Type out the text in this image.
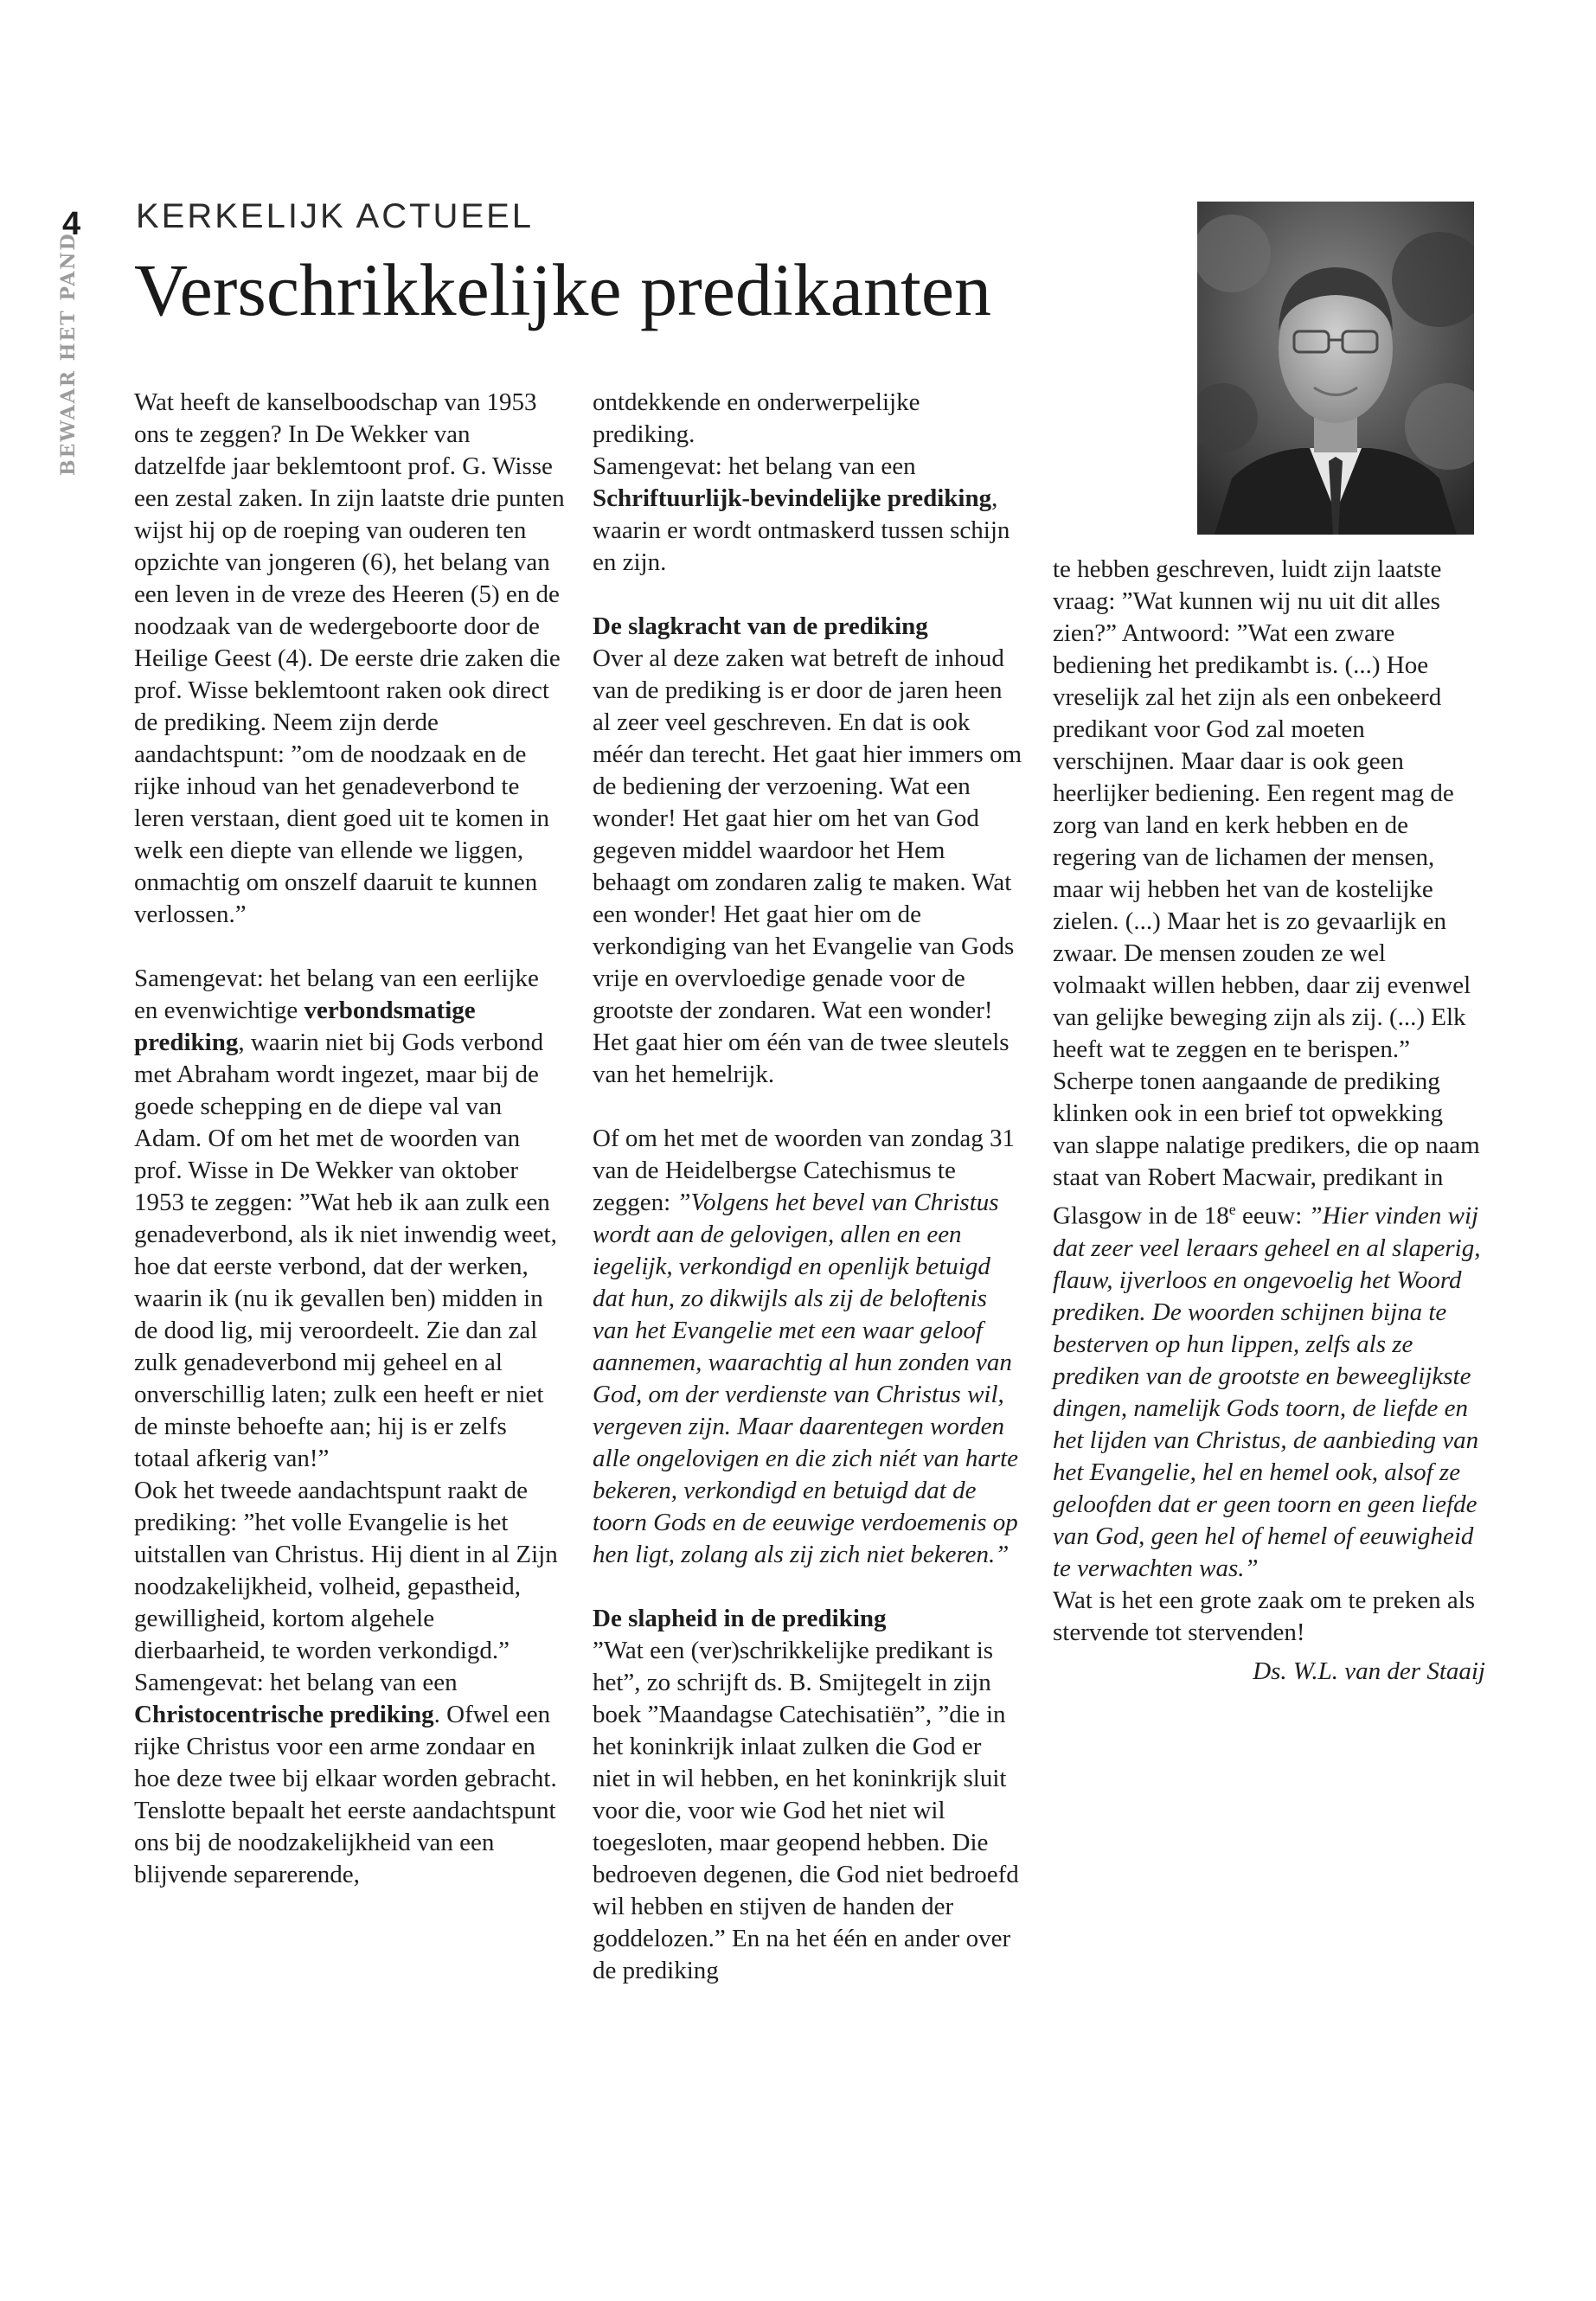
4
BEWAAR HET PAND
KERKELIJK ACTUEEL
Verschrikkelijke predikanten

Wat heeft de kanselboodschap van 1953 ons te zeggen? In De Wekker van datzelfde jaar beklemtoont prof. G. Wisse een zestal zaken. In zijn laatste drie punten wijst hij op de roeping van ouderen ten opzichte van jongeren (6), het belang van een leven in de vreze des Heeren (5) en de noodzaak van de wedergeboorte door de Heilige Geest (4). De eerste drie zaken die prof. Wisse beklemtoont raken ook direct de prediking. Neem zijn derde aandachtspunt: ”om de noodzaak en de rijke inhoud van het genadeverbond te leren verstaan, dient goed uit te komen in welk een diepte van ellende we liggen, onmachtig om onszelf daaruit te kunnen verlossen.”

Samengevat: het belang van een eerlijke en evenwichtige verbondsmatige prediking, waarin niet bij Gods verbond met Abraham wordt ingezet, maar bij de goede schepping en de diepe val van Adam. Of om het met de woorden van prof. Wisse in De Wekker van oktober 1953 te zeggen: ”Wat heb ik aan zulk een genadeverbond, als ik niet inwendig weet, hoe dat eerste verbond, dat der werken, waarin ik (nu ik gevallen ben) midden in de dood lig, mij veroordeelt. Zie dan zal zulk genadeverbond mij geheel en al onverschillig laten; zulk een heeft er niet de minste behoefte aan; hij is er zelfs totaal afkerig van!”

Ook het tweede aandachtspunt raakt de prediking: ”het volle Evangelie is het uitstallen van Christus. Hij dient in al Zijn noodzakelijkheid, volheid, gepastheid, gewilligheid, kortom algehele dierbaarheid, te worden verkondigd.”

Samengevat: het belang van een Christocentrische prediking. Ofwel een rijke Christus voor een arme zondaar en hoe deze twee bij elkaar worden gebracht.

Tenslotte bepaalt het eerste aandachtspunt ons bij de noodzakelijkheid van een blijvende separerende,

ontdekkende en onderwerpelijke prediking.

Samengevat: het belang van een Schriftuurlijk-bevindelijke prediking, waarin er wordt ontmaskerd tussen schijn en zijn.

De slagkracht van de prediking

Over al deze zaken wat betreft de inhoud van de prediking is er door de jaren heen al zeer veel geschreven. En dat is ook méér dan terecht. Het gaat hier immers om de bediening der verzoening. Wat een wonder! Het gaat hier om het van God gegeven middel waardoor het Hem behaagt om zondaren zalig te maken. Wat een wonder! Het gaat hier om de verkondiging van het Evangelie van Gods vrije en overvloedige genade voor de grootste der zondaren. Wat een wonder! Het gaat hier om één van de twee sleutels van het hemelrijk.

Of om het met de woorden van zondag 31 van de Heidelbergse Catechismus te zeggen: ”Volgens het bevel van Christus wordt aan de gelovigen, allen en een iegelijk, verkondigd en openlijk betuigd dat hun, zo dikwijls als zij de beloftenis van het Evangelie met een waar geloof aannemen, waarachtig al hun zonden van God, om der verdienste van Christus wil, vergeven zijn. Maar daarentegen worden alle ongelovigen en die zich niét van harte bekeren, verkondigd en betuigd dat de toorn Gods en de eeuwige verdoemenis op hen ligt, zolang als zij zich niet bekeren.”

De slapheid in de prediking

”Wat een (ver)schrikkelijke predikant is het”, zo schrijft ds. B. Smijtegelt in zijn boek ”Maandagse Catechisatiën”, ”die in het koninkrijk inlaat zulken die God er niet in wil hebben, en het koninkrijk sluit voor die, voor wie God het niet wil toegesloten, maar geopend hebben. Die bedroeven degenen, die God niet bedroefd wil hebben en stijven de handen der goddelozen.” En na het één en ander over de prediking

te hebben geschreven, luidt zijn laatste vraag: ”Wat kunnen wij nu uit dit alles zien?” Antwoord: ”Wat een zware bediening het predikambt is. (...) Hoe vreselijk zal het zijn als een onbekeerd predikant voor God zal moeten verschijnen. Maar daar is ook geen heerlijker bediening. Een regent mag de zorg van land en kerk hebben en de regering van de lichamen der mensen, maar wij hebben het van de kostelijke zielen. (...) Maar het is zo gevaarlijk en zwaar. De mensen zouden ze wel volmaakt willen hebben, daar zij evenwel van gelijke beweging zijn als zij. (...) Elk heeft wat te zeggen en te berispen.”

Scherpe tonen aangaande de prediking klinken ook in een brief tot opwekking van slappe nalatige predikers, die op naam staat van Robert Macwair, predikant in Glasgow in de 18e eeuw: ”Hier vinden wij dat zeer veel leraars geheel en al slaperig, flauw, ijverloos en ongevoelig het Woord prediken. De woorden schijnen bijna te besterven op hun lippen, zelfs als ze prediken van de grootste en beweeglijkste dingen, namelijk Gods toorn, de liefde en het lijden van Christus, de aanbieding van het Evangelie, hel en hemel ook, alsof ze geloofden dat er geen toorn en geen liefde van God, geen hel of hemel of eeuwigheid te verwachten was.”

Wat is het een grote zaak om te preken als stervende tot stervenden!

Ds. W.L. van der Staaij
